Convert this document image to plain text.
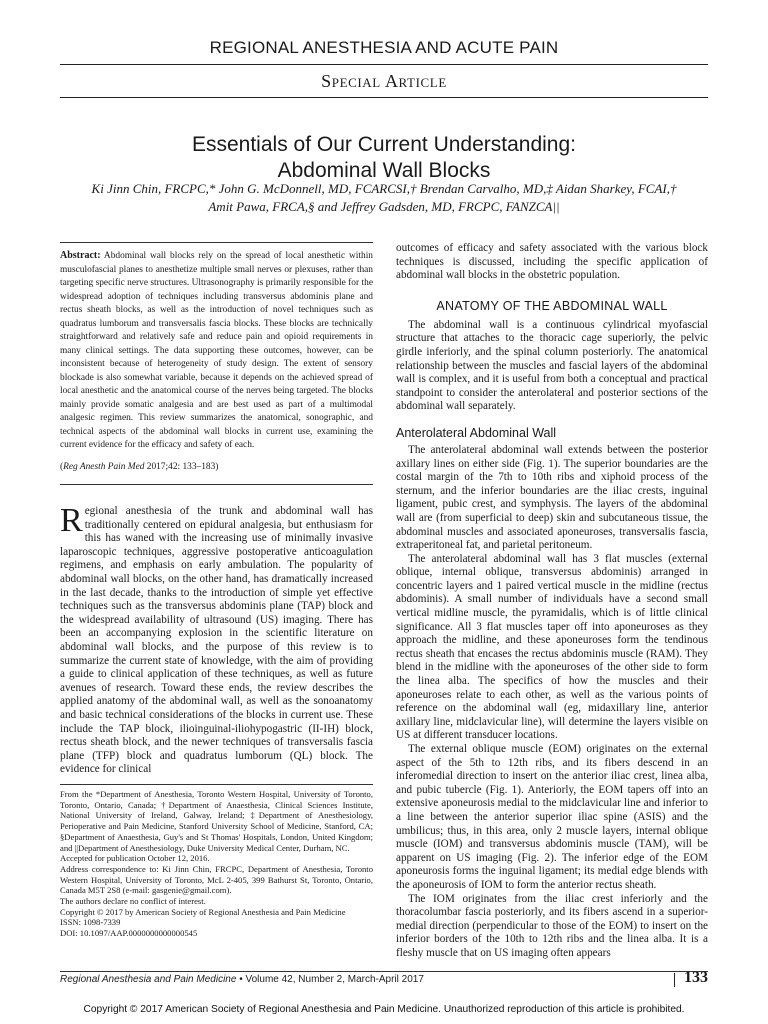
REGIONAL ANESTHESIA AND ACUTE PAIN
Special Article
Essentials of Our Current Understanding:
Abdominal Wall Blocks
Ki Jinn Chin, FRCPC,* John G. McDonnell, MD, FCARCSI,† Brendan Carvalho, MD,‡ Aidan Sharkey, FCAI,†
Amit Pawa, FRCA,§ and Jeffrey Gadsden, MD, FRCPC, FANZCA||
Abstract: Abdominal wall blocks rely on the spread of local anesthetic within musculofascial planes to anesthetize multiple small nerves or plexuses, rather than targeting specific nerve structures. Ultrasonography is primarily responsible for the widespread adoption of techniques including transversus abdominis plane and rectus sheath blocks, as well as the introduction of novel techniques such as quadratus lumborum and transversalis fascia blocks. These blocks are technically straightforward and relatively safe and reduce pain and opioid requirements in many clinical settings. The data supporting these outcomes, however, can be inconsistent because of heterogeneity of study design. The extent of sensory blockade is also somewhat variable, because it depends on the achieved spread of local anesthetic and the anatomical course of the nerves being targeted. The blocks mainly provide somatic analgesia and are best used as part of a multimodal analgesic regimen. This review summarizes the anatomical, sonographic, and technical aspects of the abdominal wall blocks in current use, examining the current evidence for the efficacy and safety of each.
(Reg Anesth Pain Med 2017;42: 133–183)

Regional anesthesia of the trunk and abdominal wall has traditionally centered on epidural analgesia, but enthusiasm for this has waned with the increasing use of minimally invasive laparoscopic techniques, aggressive postoperative anticoagulation regimens, and emphasis on early ambulation. The popularity of abdominal wall blocks, on the other hand, has dramatically increased in the last decade, thanks to the introduction of simple yet effective techniques such as the transversus abdominis plane (TAP) block and the widespread availability of ultrasound (US) imaging. There has been an accompanying explosion in the scientific literature on abdominal wall blocks, and the purpose of this review is to summarize the current state of knowledge, with the aim of providing a guide to clinical application of these techniques, as well as future avenues of research. Toward these ends, the review describes the applied anatomy of the abdominal wall, as well as the sonoanatomy and basic technical considerations of the blocks in current use. These include the TAP block, ilioinguinal-iliohypogastric (II-IH) block, rectus sheath block, and the newer techniques of transversalis fascia plane (TFP) block and quadratus lumborum (QL) block. The evidence for clinical

outcomes of efficacy and safety associated with the various block techniques is discussed, including the specific application of abdominal wall blocks in the obstetric population.

ANATOMY OF THE ABDOMINAL WALL

The abdominal wall is a continuous cylindrical myofascial structure that attaches to the thoracic cage superiorly, the pelvic girdle inferiorly, and the spinal column posteriorly. The anatomical relationship between the muscles and fascial layers of the abdominal wall is complex, and it is useful from both a conceptual and practical standpoint to consider the anterolateral and posterior sections of the abdominal wall separately.

Anterolateral Abdominal Wall

The anterolateral abdominal wall extends between the posterior axillary lines on either side (Fig. 1). The superior boundaries are the costal margin of the 7th to 10th ribs and xiphoid process of the sternum, and the inferior boundaries are the iliac crests, inguinal ligament, pubic crest, and symphysis. The layers of the abdominal wall are (from superficial to deep) skin and subcutaneous tissue, the abdominal muscles and associated aponeuroses, transversalis fascia, extraperitoneal fat, and parietal peritoneum.

The anterolateral abdominal wall has 3 flat muscles (external oblique, internal oblique, transversus abdominis) arranged in concentric layers and 1 paired vertical muscle in the midline (rectus abdominis). A small number of individuals have a second small vertical midline muscle, the pyramidalis, which is of little clinical significance. All 3 flat muscles taper off into aponeuroses as they approach the midline, and these aponeuroses form the tendinous rectus sheath that encases the rectus abdominis muscle (RAM). They blend in the midline with the aponeuroses of the other side to form the linea alba. The specifics of how the muscles and their aponeuroses relate to each other, as well as the various points of reference on the abdominal wall (eg, midaxillary line, anterior axillary line, midclavicular line), will determine the layers visible on US at different transducer locations.

The external oblique muscle (EOM) originates on the external aspect of the 5th to 12th ribs, and its fibers descend in an inferomedial direction to insert on the anterior iliac crest, linea alba, and pubic tubercle (Fig. 1). Anteriorly, the EOM tapers off into an extensive aponeurosis medial to the midclavicular line and inferior to a line between the anterior superior iliac spine (ASIS) and the umbilicus; thus, in this area, only 2 muscle layers, internal oblique muscle (IOM) and transversus abdominis muscle (TAM), will be apparent on US imaging (Fig. 2). The inferior edge of the EOM aponeurosis forms the inguinal ligament; its medial edge blends with the aponeurosis of IOM to form the anterior rectus sheath.

The IOM originates from the iliac crest inferiorly and the thoracolumbar fascia posteriorly, and its fibers ascend in a superior-medial direction (perpendicular to those of the EOM) to insert on the inferior borders of the 10th to 12th ribs and the linea alba. It is a fleshy muscle that on US imaging often appears

From the *Department of Anesthesia, Toronto Western Hospital, University of Toronto, Toronto, Ontario, Canada; †Department of Anaesthesia, Clinical Sciences Institute, National University of Ireland, Galway, Ireland; ‡Department of Anesthesiology, Perioperative and Pain Medicine, Stanford University School of Medicine, Stanford, CA; §Department of Anaesthesia, Guy's and St Thomas' Hospitals, London, United Kingdom; and ||Department of Anesthesiology, Duke University Medical Center, Durham, NC.

Accepted for publication October 12, 2016.

Address correspondence to: Ki Jinn Chin, FRCPC, Department of Anesthesia, Toronto Western Hospital, University of Toronto, McL 2-405, 399 Bathurst St, Toronto, Ontario, Canada M5T 2S8 (e-mail: gasgenie@gmail.com).

The authors declare no conflict of interest.

Copyright © 2017 by American Society of Regional Anesthesia and Pain Medicine

ISSN: 1098-7339

DOI: 10.1097/AAP.0000000000000545

Regional Anesthesia and Pain Medicine • Volume 42, Number 2, March-April 2017	133
Copyright © 2017 American Society of Regional Anesthesia and Pain Medicine. Unauthorized reproduction of this article is prohibited.
